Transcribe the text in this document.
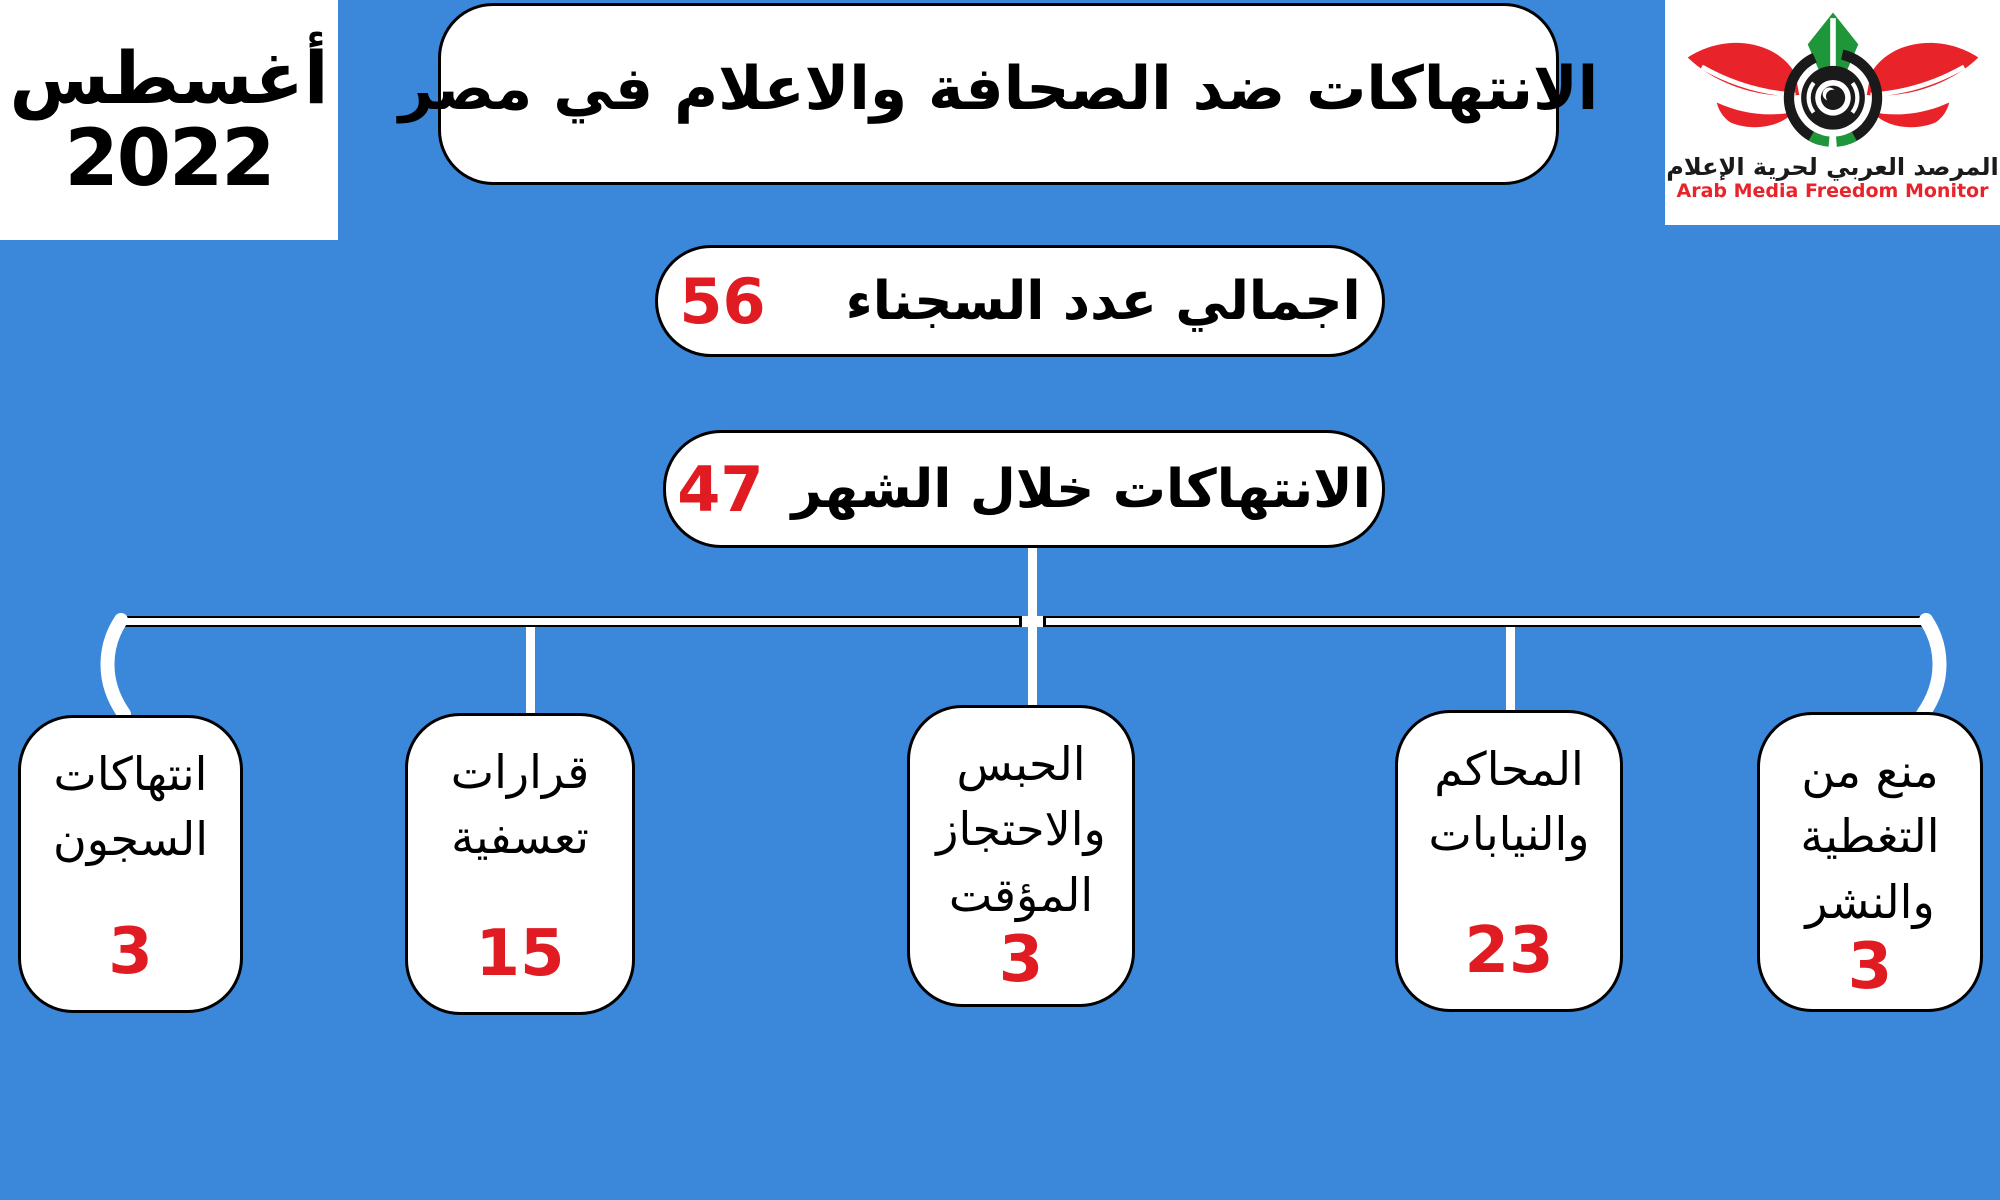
أغسطس
2022
الانتهاكات ضد الصحافة والاعلام في مصر
المرصد العربي لحرية الإعلام
Arab Media Freedom Monitor
اجمالي عدد السجناء
56
الانتهاكات خلال الشهر
47
انتهاكات
السجون
3
قرارات
تعسفية
15
الحبس
والاحتجاز
المؤقت
3
المحاكم
والنيابات
23
منع من
التغطية
والنشر
3
